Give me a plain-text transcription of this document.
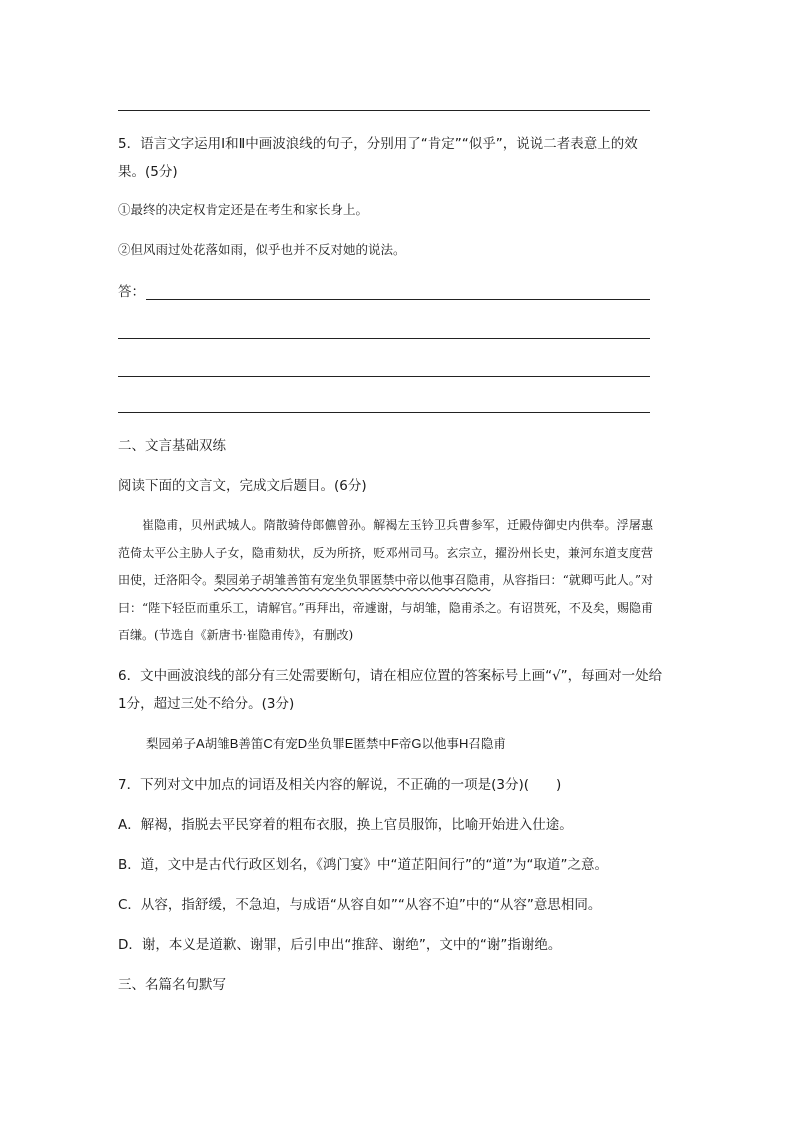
5．语言文字运用Ⅰ和Ⅱ中画波浪线的句子，分别用了“肯定”“似乎”，说说二者表意上的效果。(5分)

①最终的决定权肯定还是在考生和家长身上。
②但风雨过处花落如雨，似乎也并不反对她的说法。
答：
二、文言基础双练
阅读下面的文言文，完成文后题目。(6分)

崔隐甫，贝州武城人。隋散骑侍郎儦曾孙。解褐左玉钤卫兵曹参军，迁殿侍御史内供奉。浮屠惠范倚太平公主胁人子女，隐甫劾状，反为所挤，贬邓州司马。玄宗立，擢汾州长史，兼河东道支度营田使，迁洛阳令。梨园弟子胡雏善笛有宠坐负罪匿禁中帝以他事召隐甫，从容指曰：“就卿丐此人。”对曰：“陛下轻臣而重乐工，请解官。”再拜出，帝遽谢，与胡雏，隐甫杀之。有诏贳死，不及矣，赐隐甫百缣。(节选自《新唐书·崔隐甫传》，有删改)

6．文中画波浪线的部分有三处需要断句，请在相应位置的答案标号上画“√”，每画对一处给1分，超过三处不给分。(3分)

梨园弟子A胡雏B善笛C有宠D坐负罪E匿禁中F帝G以他事H召隐甫
7．下列对文中加点的词语及相关内容的解说，不正确的一项是(3分)(　　)
A．解褐，指脱去平民穿着的粗布衣服，换上官员服饰，比喻开始进入仕途。
B．道，文中是古代行政区划名，《鸿门宴》中“道芷阳间行”的“道”为“取道”之意。
C．从容，指舒缓，不急迫，与成语“从容自如”“从容不迫”中的“从容”意思相同。
D．谢，本义是道歉、谢罪，后引申出“推辞、谢绝”，文中的“谢”指谢绝。
三、名篇名句默写
